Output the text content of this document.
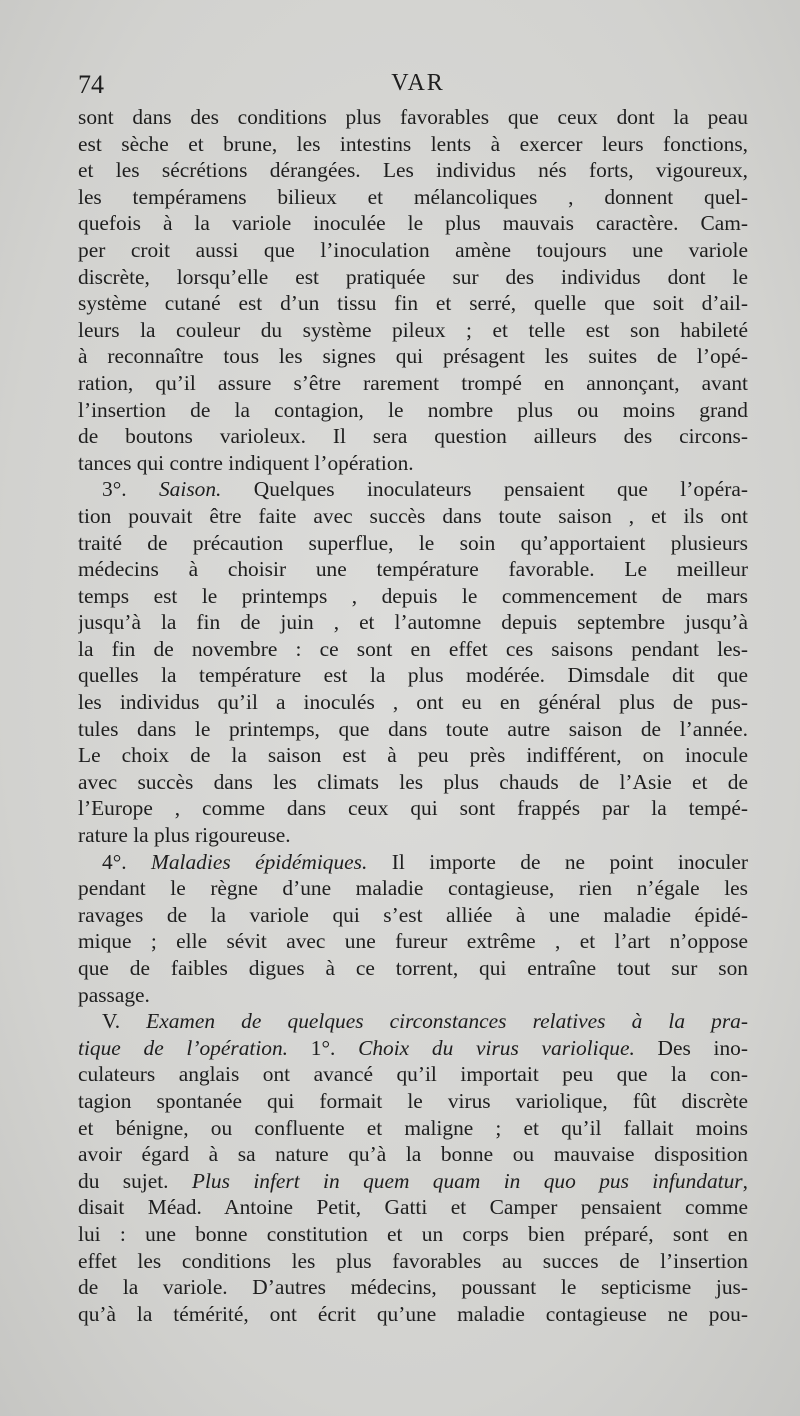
74	VAR
sont dans des conditions plus favorables que ceux dont la peau
est sèche et brune, les intestins lents à exercer leurs fonctions,
et les sécrétions dérangées. Les individus nés forts, vigoureux,
les tempéramens bilieux et mélancoliques , donnent quel-
quefois à la variole inoculée le plus mauvais caractère. Cam-
per croit aussi que l’inoculation amène toujours une variole
discrète, lorsqu’elle est pratiquée sur des individus dont le
système cutané est d’un tissu fin et serré, quelle que soit d’ail-
leurs la couleur du système pileux ; et telle est son habileté
à reconnaître tous les signes qui présagent les suites de l’opé-
ration, qu’il assure s’être rarement trompé en annonçant, avant
l’insertion de la contagion, le nombre plus ou moins grand
de boutons varioleux. Il sera question ailleurs des circons-
tances qui contre indiquent l’opération.
3°. Saison. Quelques inoculateurs pensaient que l’opéra-
tion pouvait être faite avec succès dans toute saison , et ils ont
traité de précaution superflue, le soin qu’apportaient plusieurs
médecins à choisir une température favorable. Le meilleur
temps est le printemps , depuis le commencement de mars
jusqu’à la fin de juin , et l’automne depuis septembre jusqu’à
la fin de novembre : ce sont en effet ces saisons pendant les-
quelles la température est la plus modérée. Dimsdale dit que
les individus qu’il a inoculés , ont eu en général plus de pus-
tules dans le printemps, que dans toute autre saison de l’année.
Le choix de la saison est à peu près indifférent, on inocule
avec succès dans les climats les plus chauds de l’Asie et de
l’Europe , comme dans ceux qui sont frappés par la tempé-
rature la plus rigoureuse.
4°. Maladies épidémiques. Il importe de ne point inoculer
pendant le règne d’une maladie contagieuse, rien n’égale les
ravages de la variole qui s’est alliée à une maladie épidé-
mique ; elle sévit avec une fureur extrême , et l’art n’oppose
que de faibles digues à ce torrent, qui entraîne tout sur son
passage.
V. Examen de quelques circonstances relatives à la pra-
tique de l’opération. 1°. Choix du virus variolique. Des ino-
culateurs anglais ont avancé qu’il importait peu que la con-
tagion spontanée qui formait le virus variolique, fût discrète
et bénigne, ou confluente et maligne ; et qu’il fallait moins
avoir égard à sa nature qu’à la bonne ou mauvaise disposition
du sujet. Plus infert in quem quam in quo pus infundatur,
disait Méad. Antoine Petit, Gatti et Camper pensaient comme
lui : une bonne constitution et un corps bien préparé, sont en
effet les conditions les plus favorables au succes de l’insertion
de la variole. D’autres médecins, poussant le septicisme jus-
qu’à la témérité, ont écrit qu’une maladie contagieuse ne pou-
